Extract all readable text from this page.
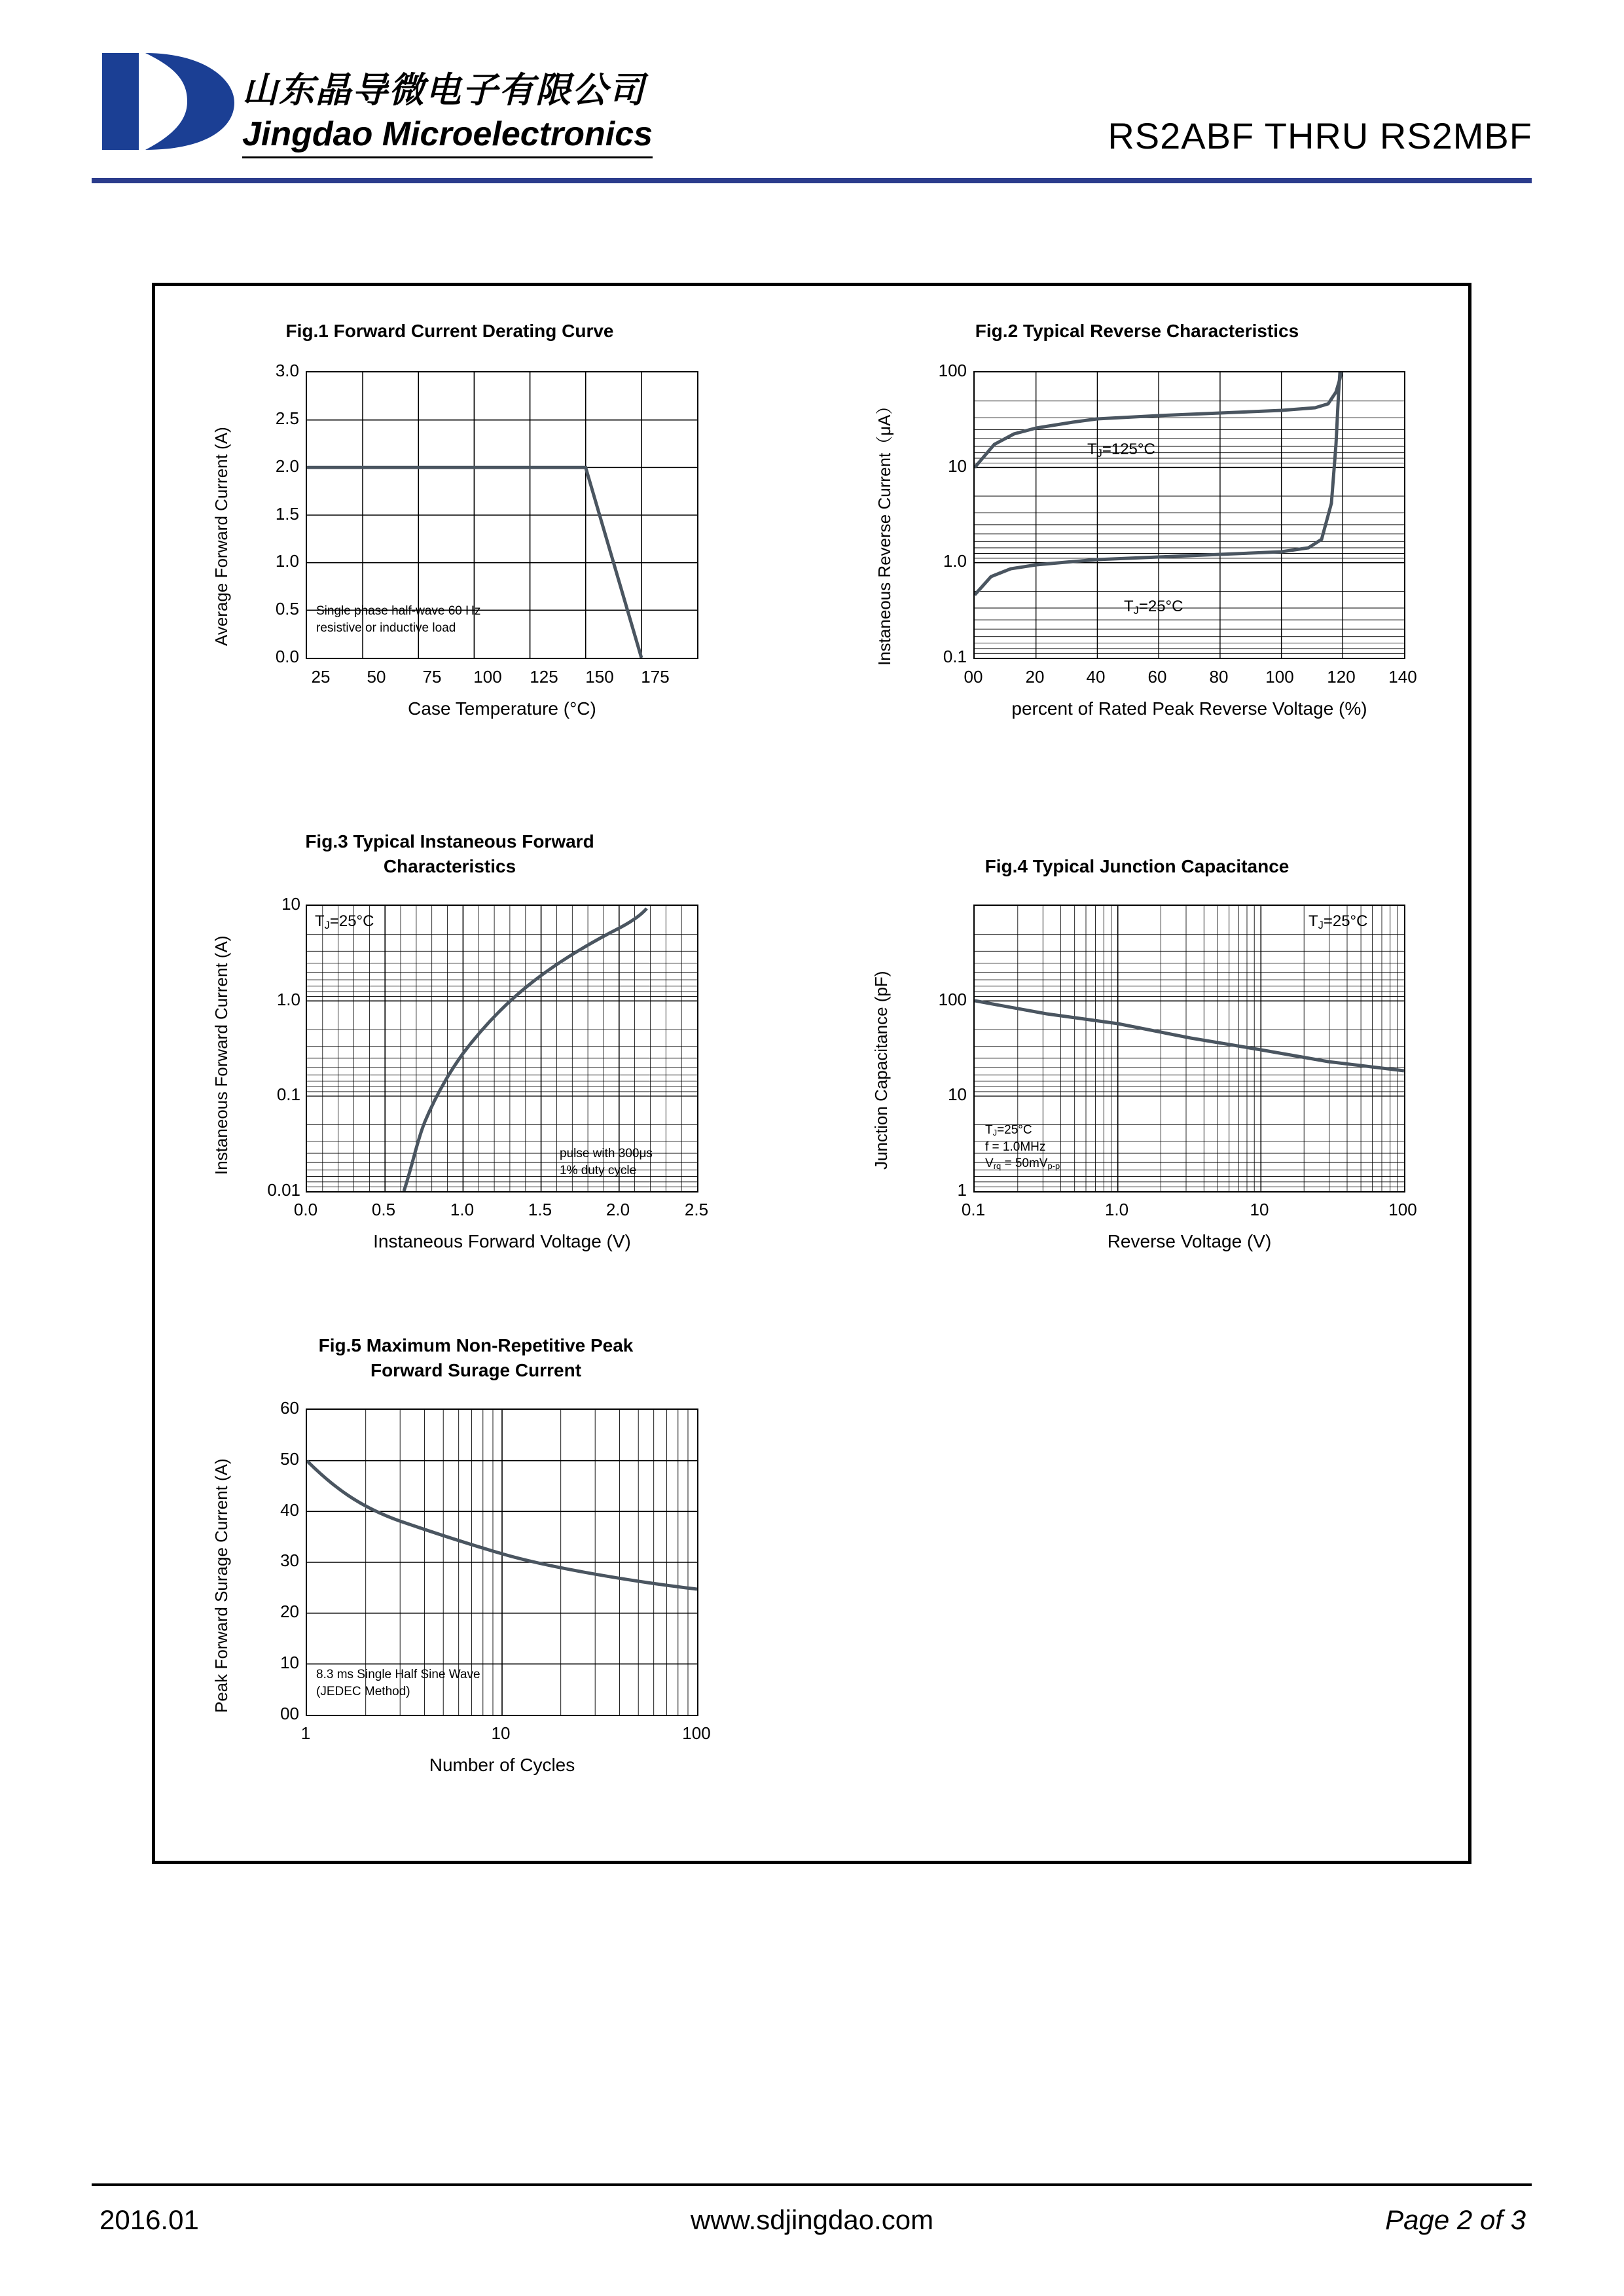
山东晶导微电子有限公司
Jingdao Microelectronics	RS2ABF THRU RS2MBF
Fig.1 Forward Current Derating Curve
Average Forward Current (A)	Single phase half-wave 60 Hz
resistive or inductive load
3.0
2.5
2.0
1.5
1.0
0.5
0.0
25	50	75	100	125	150	175
Case Temperature (°C)
Fig.2 Typical Reverse Characteristics
Instaneous Reverse Current（μA）	$T_J=125^\circ C$
$T_J=25^\circ C$
100
10
1.0
0.1
00	20	40	60	80	100	120	140
percent of Rated Peak Reverse Voltage (%)
Fig.3 Typical Instaneous Forward
Characteristics
Instaneous Forward Current (A)
$T_J=25^\circ C$
pulse with 300μs
1% duty cycle
10
1.0
0.1
0.01
0.0	0.5	1.0	1.5	2.0	2.5
Instaneous Forward Voltage (V)
Fig.4 Typical Junction Capacitance
Junction Capacitance (pF)
$T_J=25^\circ C$
$T_J=25^\circ C$
f = 1.0MHz
$V_{rq} = 50mV_{p-p}$
100
10
1
0.1	1.0	10	100
Reverse Voltage (V)
Fig.5 Maximum Non-Repetitive Peak
Forward Surage Current
Peak Forward Surage Current (A)	8.3 ms Single Half Sine Wave
(JEDEC Method)
60
50
40
30
20
10
00
1	10	100
Number of Cycles
2016.01	www.sdjingdao.com	Page 2 of 3
